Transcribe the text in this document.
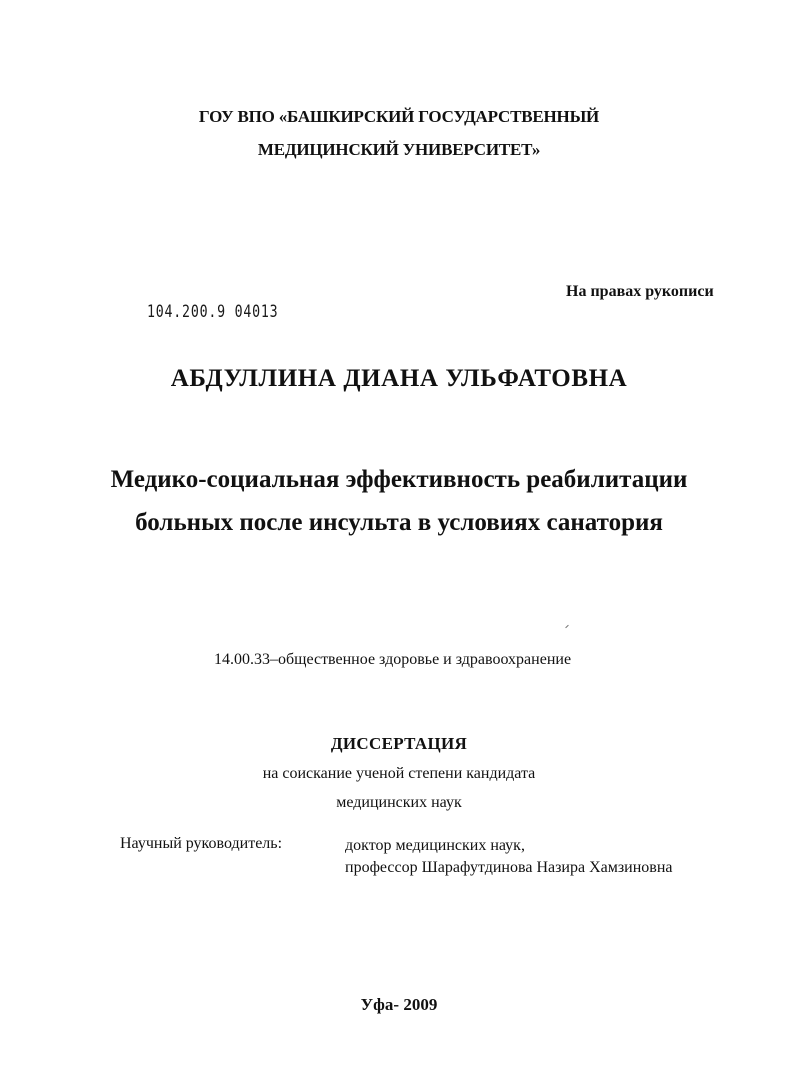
ГОУ ВПО «БАШКИРСКИЙ ГОСУДАРСТВЕННЫЙ
МЕДИЦИНСКИЙ УНИВЕРСИТЕТ»
На правах рукописи
104.200.9 04013
АБДУЛЛИНА ДИАНА УЛЬФАТОВНА
Медико-социальная эффективность реабилитации
больных после инсульта в условиях санатория
14.00.33–общественное здоровье и здравоохранение
ДИССЕРТАЦИЯ
на соискание ученой степени кандидата
медицинских наук
Научный руководитель:	доктор медицинских наук,
профессор Шарафутдинова Назира Хамзиновна
Уфа- 2009
